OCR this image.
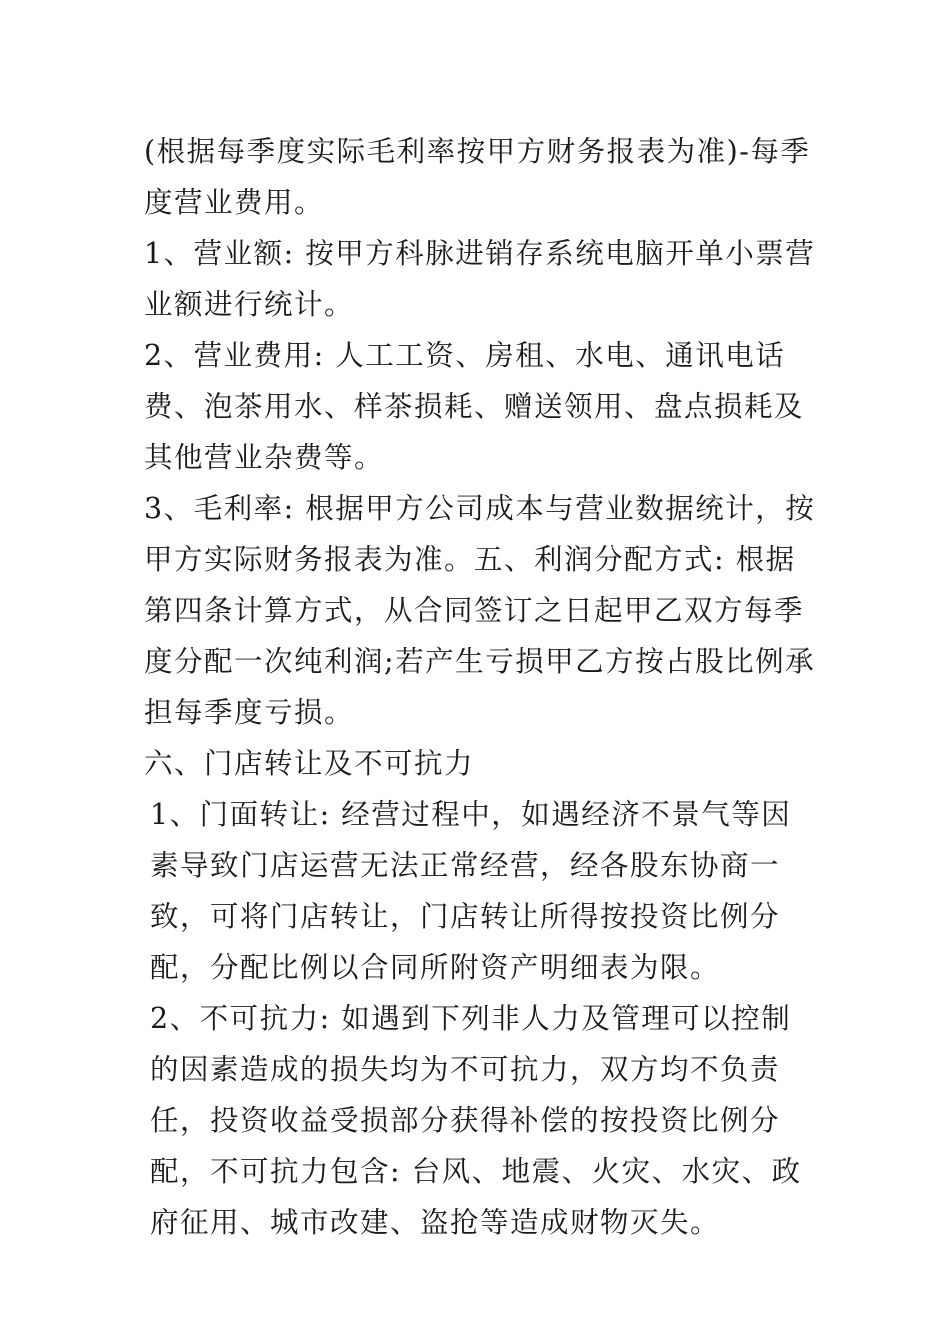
(根据每季度实际毛利率按甲方财务报表为准)-每季度营业费用。

1、营业额: 按甲方科脉进销存系统电脑开单小票营业额进行统计。

2、营业费用: 人工工资、房租、水电、通讯电话费、泡茶用水、样茶损耗、赠送领用、盘点损耗及其他营业杂费等。

3、毛利率: 根据甲方公司成本与营业数据统计，按甲方实际财务报表为准。五、利润分配方式: 根据第四条计算方式，从合同签订之日起甲乙双方每季度分配一次纯利润;若产生亏损甲乙方按占股比例承担每季度亏损。

六、门店转让及不可抗力

1、门面转让: 经营过程中，如遇经济不景气等因素导致门店运营无法正常经营，经各股东协商一致，可将门店转让，门店转让所得按投资比例分配，分配比例以合同所附资产明细表为限。

2、不可抗力: 如遇到下列非人力及管理可以控制的因素造成的损失均为不可抗力，双方均不负责任，投资收益受损部分获得补偿的按投资比例分配，不可抗力包含: 台风、地震、火灾、水灾、政府征用、城市改建、盗抢等造成财物灭失。
